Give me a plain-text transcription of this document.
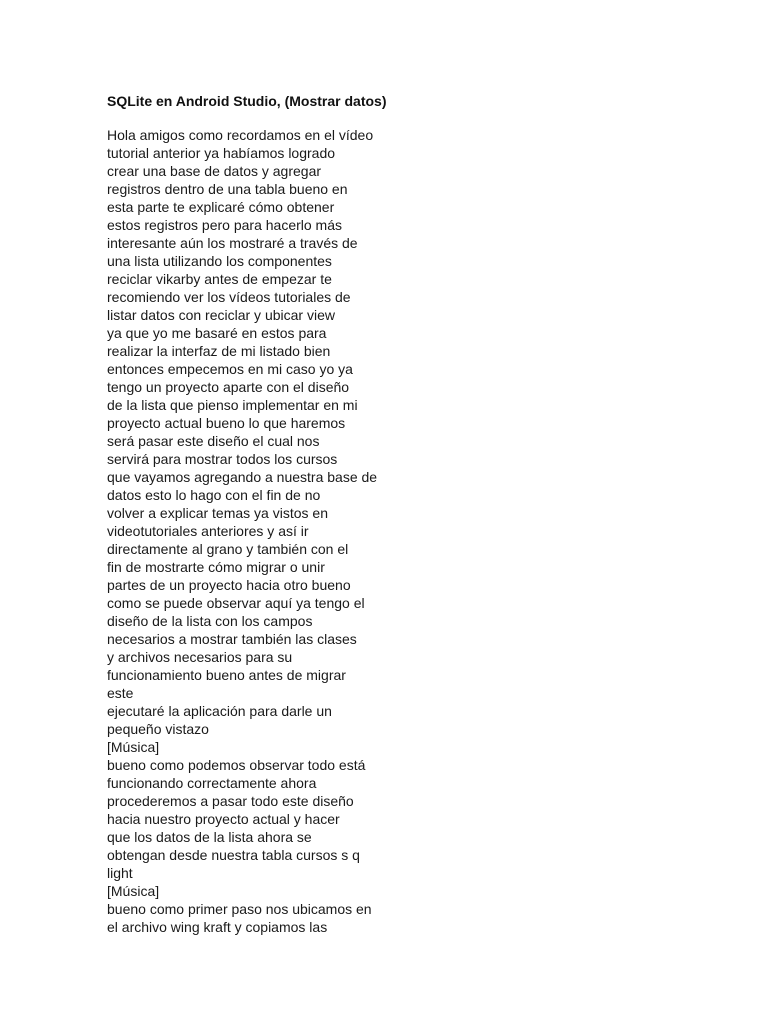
SQLite en Android Studio, (Mostrar datos)
Hola amigos como recordamos en el vídeo
tutorial anterior ya habíamos logrado
crear una base de datos y agregar
registros dentro de una tabla bueno en
esta parte te explicaré cómo obtener
estos registros pero para hacerlo más
interesante aún los mostraré a través de
una lista utilizando los componentes
reciclar vikarby antes de empezar te
recomiendo ver los vídeos tutoriales de
listar datos con reciclar y ubicar view
ya que yo me basaré en estos para
realizar la interfaz de mi listado bien
entonces empecemos en mi caso yo ya
tengo un proyecto aparte con el diseño
de la lista que pienso implementar en mi
proyecto actual bueno lo que haremos
será pasar este diseño el cual nos
servirá para mostrar todos los cursos
que vayamos agregando a nuestra base de
datos esto lo hago con el fin de no
volver a explicar temas ya vistos en
videotutoriales anteriores y así ir
directamente al grano y también con el
fin de mostrarte cómo migrar o unir
partes de un proyecto hacia otro bueno
como se puede observar aquí ya tengo el
diseño de la lista con los campos
necesarios a mostrar también las clases
y archivos necesarios para su
funcionamiento bueno antes de migrar
este
ejecutaré la aplicación para darle un
pequeño vistazo
[Música]
bueno como podemos observar todo está
funcionando correctamente ahora
procederemos a pasar todo este diseño
hacia nuestro proyecto actual y hacer
que los datos de la lista ahora se
obtengan desde nuestra tabla cursos s q
light
[Música]
bueno como primer paso nos ubicamos en
el archivo wing kraft y copiamos las
